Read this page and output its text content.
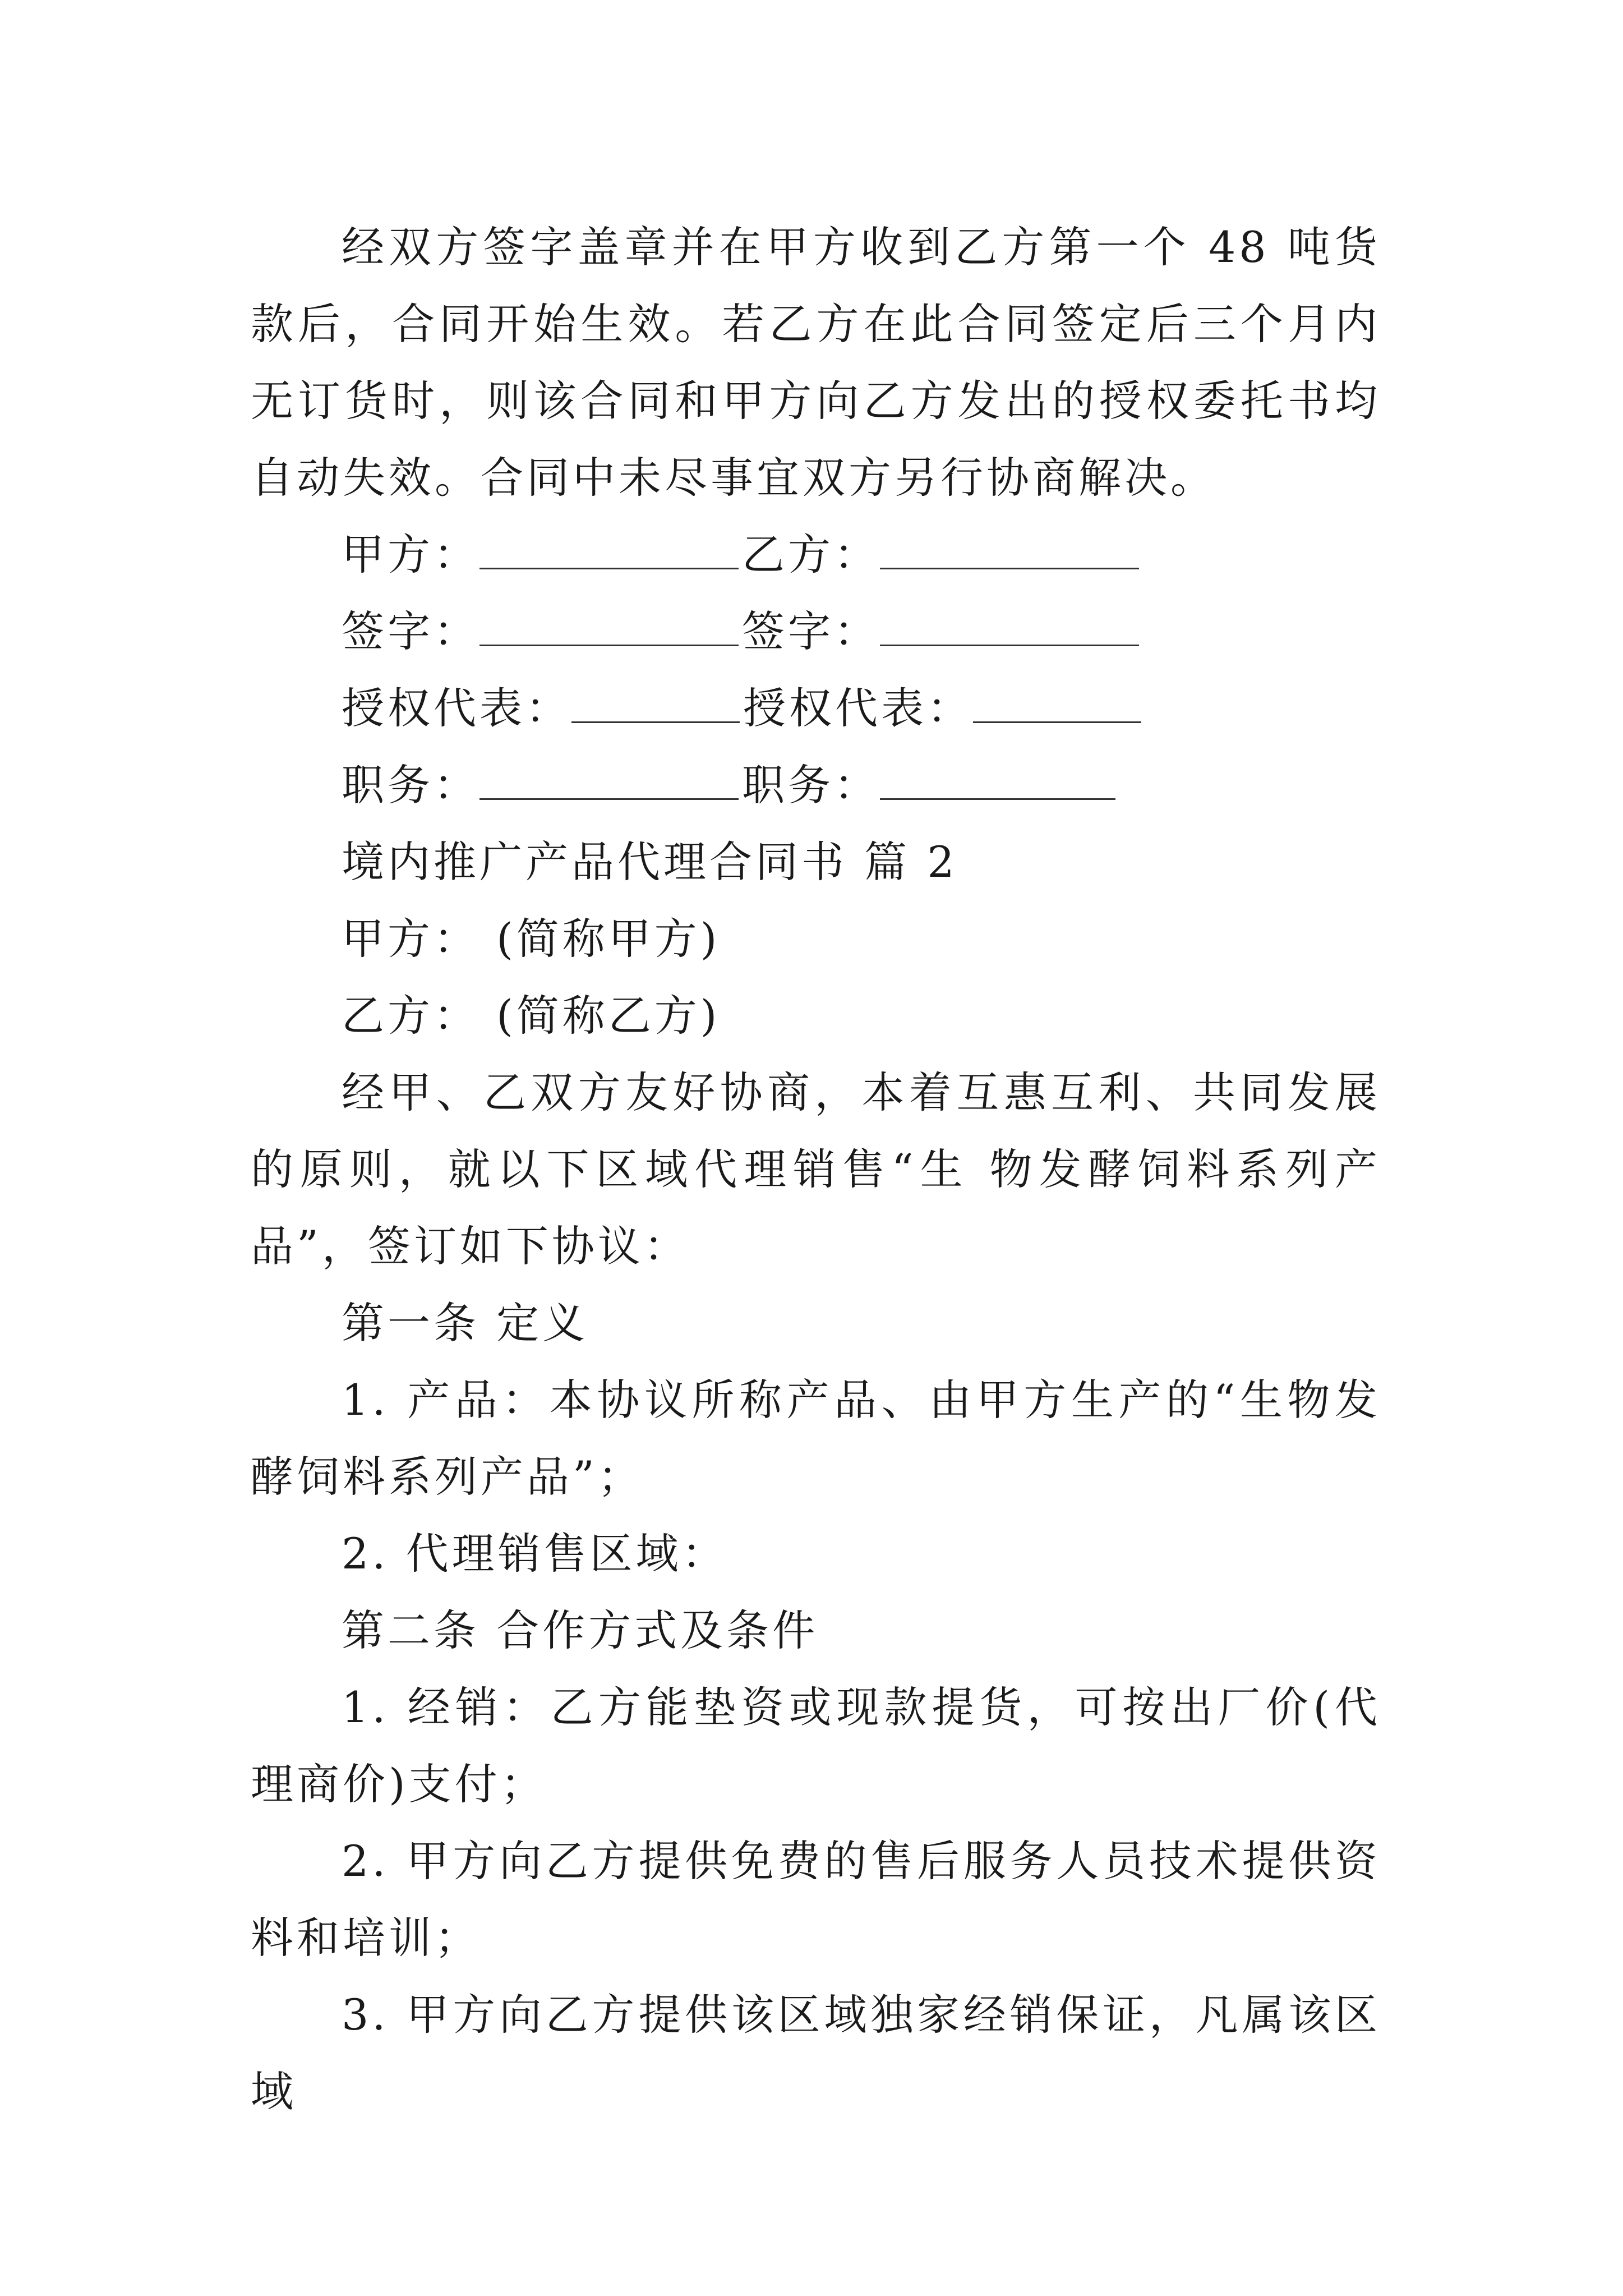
经双方签字盖章并在甲方收到乙方第一个 48 吨货款后，合同开始生效。若乙方在此合同签定后三个月内无订货时，则该合同和甲方向乙方发出的授权委托书均自动失效。合同中未尽事宜双方另行协商解决。

甲方：	乙方：

签字：	签字：

授权代表：	授权代表：

职务：	职务：

境内推广产品代理合同书 篇 2

甲方： (简称甲方)

乙方： (简称乙方)

经甲、乙双方友好协商，本着互惠互利、共同发展的原则，就以下区域代理销售“生 物发酵饲料系列产品”，签订如下协议：

第一条 定义

1. 产品：本协议所称产品、由甲方生产的“生物发酵饲料系列产品”；

2. 代理销售区域：

第二条 合作方式及条件

1. 经销：乙方能垫资或现款提货，可按出厂价(代理商价)支付；

2. 甲方向乙方提供免费的售后服务人员技术提供资料和培训；

3. 甲方向乙方提供该区域独家经销保证，凡属该区域
